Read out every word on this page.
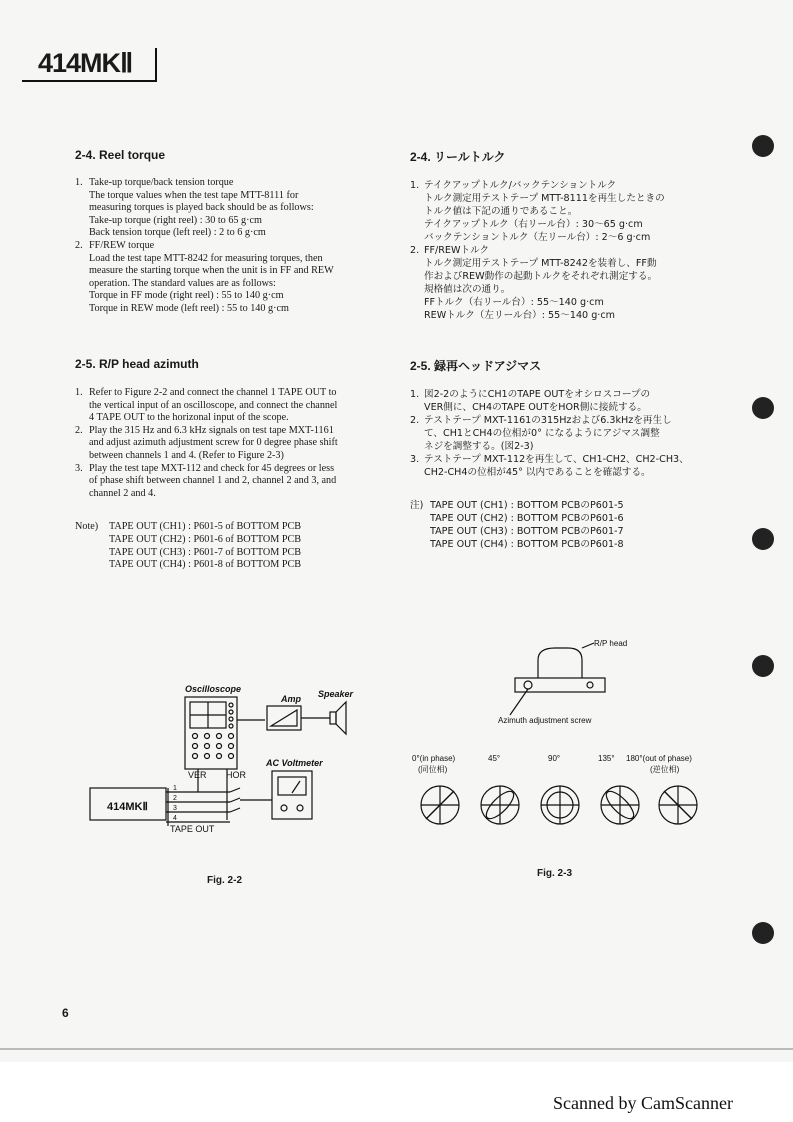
414MKⅡ
2-4. Reel torque
1. Take-up torque/back tension torque

The torque values when the test tape MTT-8111 for

measuring torques is played back should be as follows:

Take-up torque (right reel) : 30 to 65 g·cm

Back tension torque (left reel) : 2 to 6 g·cm

2. FF/REW torque

Load the test tape MTT-8242 for measuring torques, then

measure the starting torque when the unit is in FF and REW

operation. The standard values are as follows:

Torque in FF mode (right reel) : 55 to 140 g·cm

Torque in REW mode (left reel) : 55 to 140 g·cm

2-5. R/P head azimuth
1. Refer to Figure 2-2 and connect the channel 1 TAPE OUT to

the vertical input of an oscilloscope, and connect the channel

4 TAPE OUT to the horizonal input of the scope.

2. Play the 315 Hz and 6.3 kHz signals on test tape MXT-1161

and adjust azimuth adjustment screw for 0 degree phase shift

between channels 1 and 4. (Refer to Figure 2-3)

3. Play the test tape MXT-112 and check for 45 degrees or less

of phase shift between channel 1 and 2, channel 2 and 3, and

channel 2 and 4.

Note) TAPE OUT (CH1) : P601-5 of BOTTOM PCB

TAPE OUT (CH2) : P601-6 of BOTTOM PCB

TAPE OUT (CH3) : P601-7 of BOTTOM PCB

TAPE OUT (CH4) : P601-8 of BOTTOM PCB

2-4. リールトルク
1. テイクアップトルク/バックテンショントルク

トルク測定用テストテープ MTT-8111を再生したときの

トルク値は下記の通りであること。

テイクアップトルク（右リール台）: 30～65 g·cm

バックテンショントルク（左リール台）: 2～6 g·cm

2. FF/REWトルク

トルク測定用テストテープ MTT-8242を装着し、FF動

作およびREW動作の起動トルクをそれぞれ測定する。

規格値は次の通り。

FFトルク（右リール台）: 55～140 g·cm

REWトルク（左リール台）: 55～140 g·cm

2-5. 録再ヘッドアジマス
1. 図2-2のようにCH1のTAPE OUTをオシロスコープの

VER側に、CH4のTAPE OUTをHOR側に接続する。

2. テストテープ MXT-1161の315Hzおよび6.3kHzを再生し

て、CH1とCH4の位相が0° になるようにアジマス調整

ネジを調整する。(図2-3)

3. テストテープ MXT-112を再生して、CH1-CH2、CH2-CH3、

CH2-CH4の位相が45° 以内であることを確認する。

注) TAPE OUT (CH1) : BOTTOM PCBのP601-5

TAPE OUT (CH2) : BOTTOM PCBのP601-6

TAPE OUT (CH3) : BOTTOM PCBのP601-7

TAPE OUT (CH4) : BOTTOM PCBのP601-8

Oscilloscope
Amp Speaker
AC Voltmeter
VER HOR
414MKⅡ
1
2
3
4
TAPE OUT
Fig. 2-2
R/P head
Azimuth adjustment screw
0°(in phase)
(同位相)
45°	90°	135° 180°(out of phase)
(逆位相)
Fig. 2-3
6
Scanned by CamScanner
